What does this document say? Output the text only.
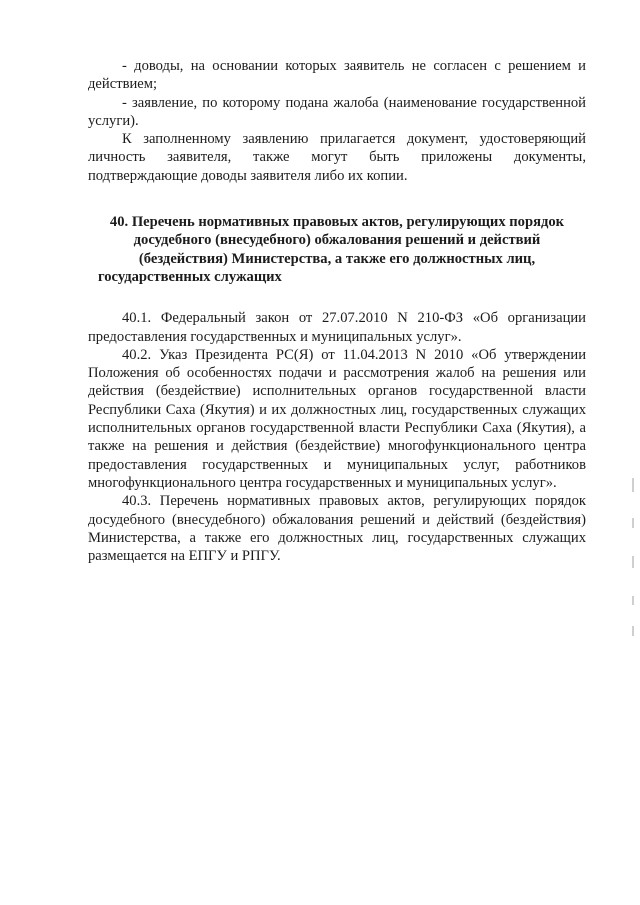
- доводы, на основании которых заявитель не согласен с решением и действием;

- заявление, по которому подана жалоба (наименование государственной услуги).

К заполненному заявлению прилагается документ, удостоверяющий личность заявителя, также могут быть приложены документы, подтверждающие доводы заявителя либо их копии.

40. Перечень нормативных правовых актов, регулирующих порядок досудебного (внесудебного) обжалования решений и действий (бездействия) Министерства, а также его должностных лиц, государственных служащих

40.1. Федеральный закон от 27.07.2010 N 210-ФЗ «Об организации предоставления государственных и муниципальных услуг».

40.2. Указ Президента РС(Я) от 11.04.2013 N 2010 «Об утверждении Положения об особенностях подачи и рассмотрения жалоб на решения или действия (бездействие) исполнительных органов государственной власти Республики Саха (Якутия) и их должностных лиц, государственных служащих исполнительных органов государственной власти Республики Саха (Якутия), а также на решения и действия (бездействие) многофункционального центра предоставления государственных и муниципальных услуг, работников многофункционального центра государственных и муниципальных услуг».

40.3. Перечень нормативных правовых актов, регулирующих порядок досудебного (внесудебного) обжалования решений и действий (бездействия) Министерства, а также его должностных лиц, государственных служащих размещается на ЕПГУ и РПГУ.
